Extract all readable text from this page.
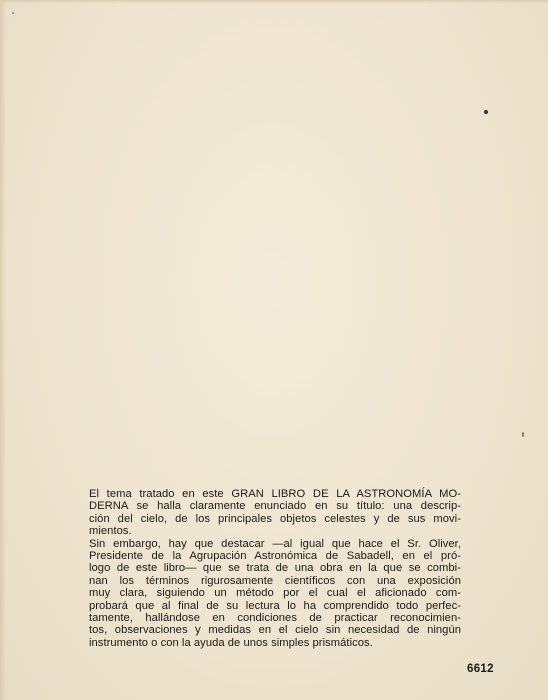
El tema tratado en este GRAN LIBRO DE LA ASTRONOMÍA MO-
DERNA se halla claramente enunciado en su título: una descrip-
ción del cielo, de los principales objetos celestes y de sus movi-
mientos.
Sin embargo, hay que destacar —al igual que hace el Sr. Oliver,
Presidente de la Agrupación Astronómica de Sabadell, en el pró-
logo de este libro— que se trata de una obra en la que se combi-
nan los términos rigurosamente científicos con una exposición
muy clara, siguiendo un método por el cual el aficionado com-
probará que al final de su lectura lo ha comprendido todo perfec-
tamente, hallándose en condiciones de practicar reconocimien-
tos, observaciones y medidas en el cielo sin necesidad de ningún
instrumento o con la ayuda de unos simples prismáticos.
6612
